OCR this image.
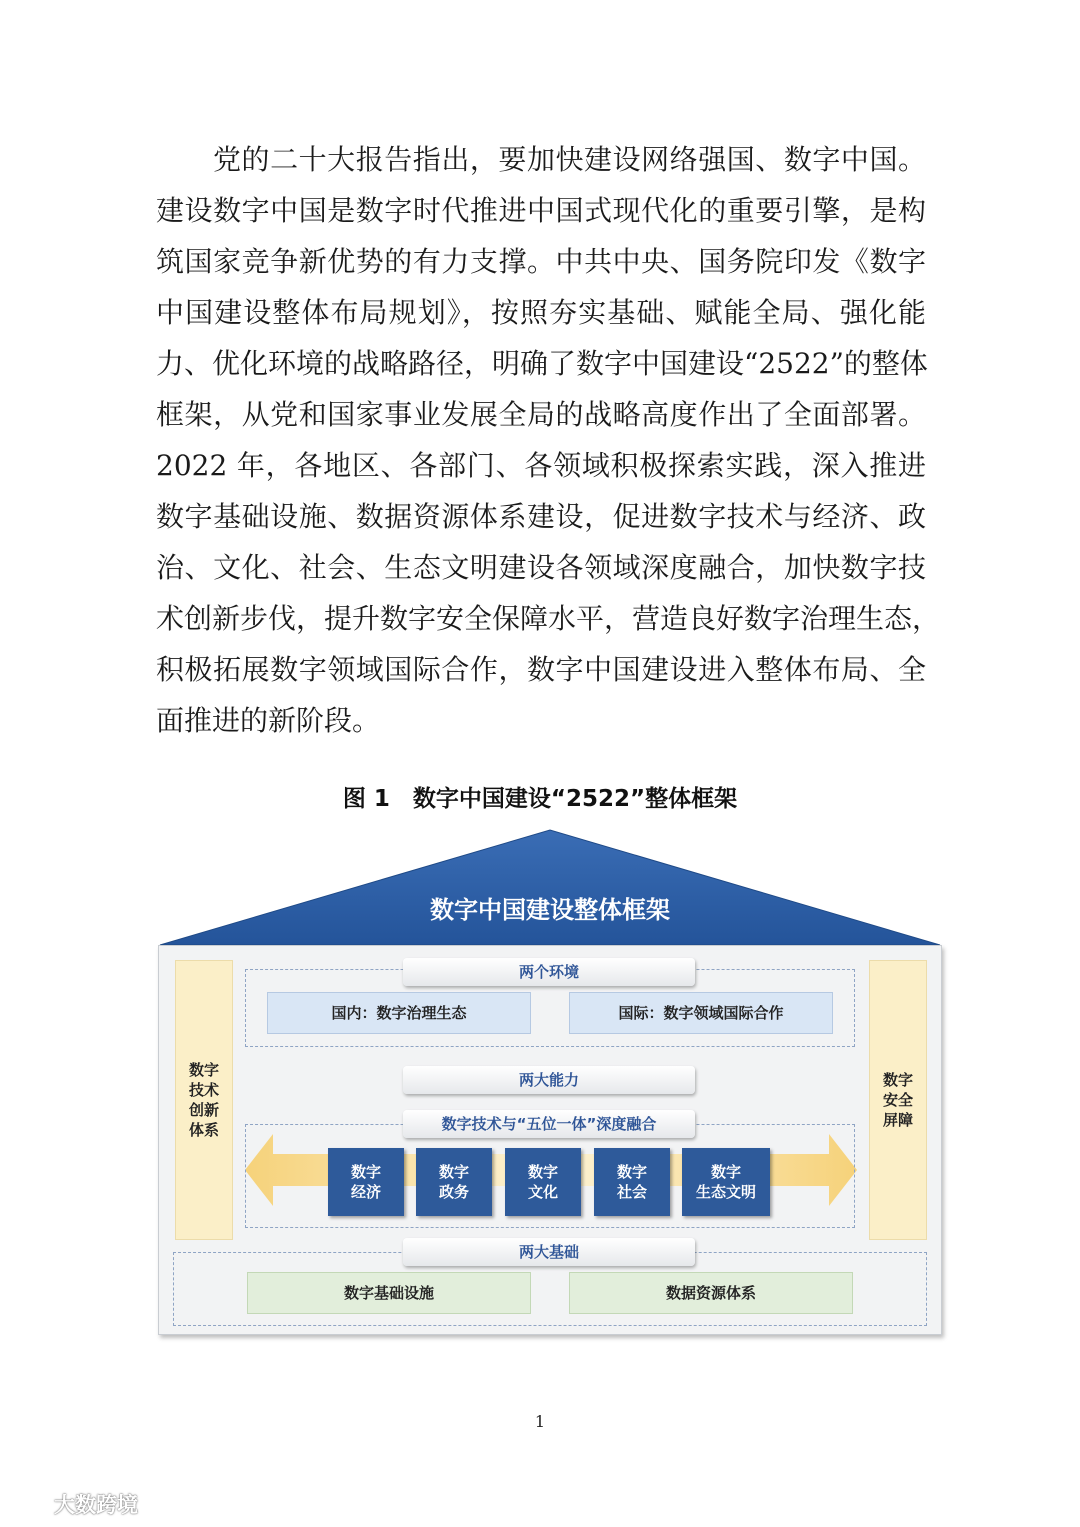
党的二十大报告指出，要加快建设网络强国、数字中国。
建设数字中国是数字时代推进中国式现代化的重要引擎，是构
筑国家竞争新优势的有力支撑。中共中央、国务院印发《数字
中国建设整体布局规划》，按照夯实基础、赋能全局、强化能
力、优化环境的战略路径，明确了数字中国建设“2522”的整体
框架，从党和国家事业发展全局的战略高度作出了全面部署。
2022 年，各地区、各部门、各领域积极探索实践，深入推进
数字基础设施、数据资源体系建设，促进数字技术与经济、政
治、文化、社会、生态文明建设各领域深度融合，加快数字技
术创新步伐，提升数字安全保障水平，营造良好数字治理生态，
积极拓展数字领域国际合作，数字中国建设进入整体布局、全
面推进的新阶段。
图 1　数字中国建设“2522”整体框架
数字中国建设整体框架
数字技术创新体系
数字安全屏障
两个环境
国内：数字治理生态	国际：数字领域国际合作
两大能力
数字技术与“五位一体”深度融合
两大基础
数字基础设施	数据资源体系
数字
经济
数字
政务
数字
文化
数字
社会
数字
生态文明
1
大数跨境
